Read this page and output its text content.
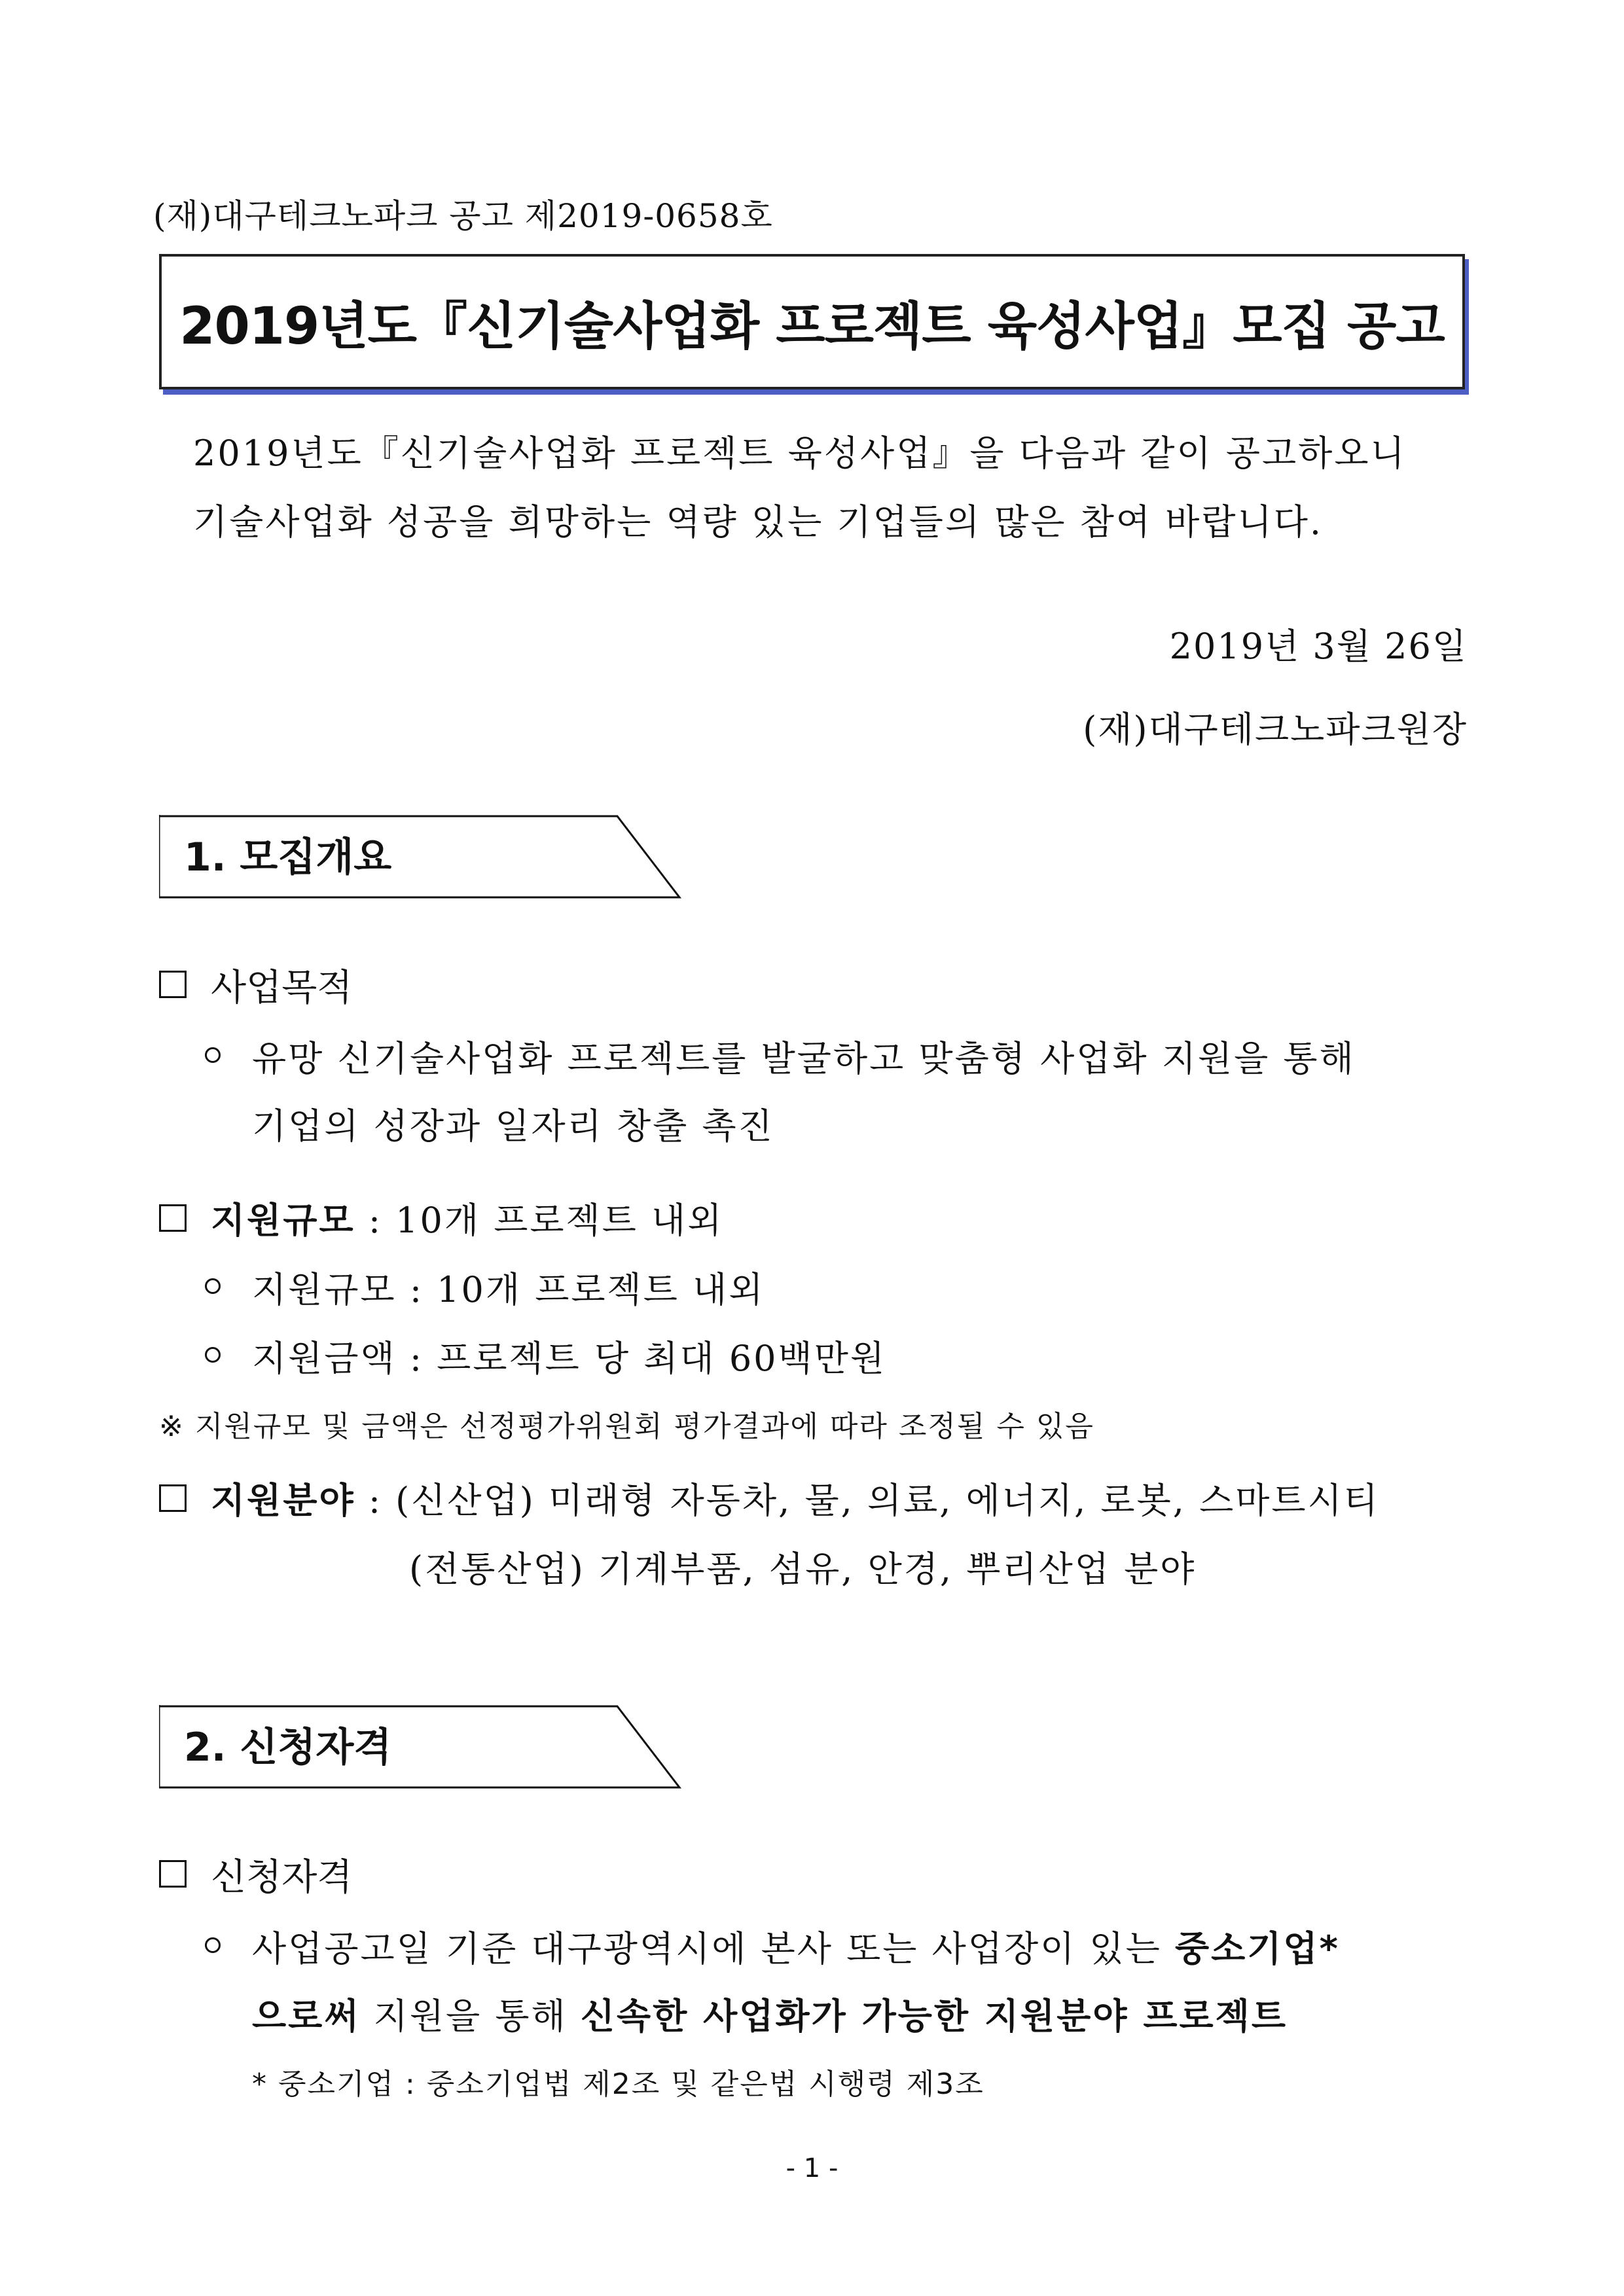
(재)대구테크노파크 공고 제2019-0658호
2019년도『신기술사업화 프로젝트 육성사업』모집 공고
2019년도『신기술사업화 프로젝트 육성사업』을 다음과 같이 공고하오니
기술사업화 성공을 희망하는 역량 있는 기업들의 많은 참여 바랍니다.
2019년 3월 26일
(재)대구테크노파크원장
1. 모집개요
사업목적
유망 신기술사업화 프로젝트를 발굴하고 맞춤형 사업화 지원을 통해
기업의 성장과 일자리 창출 촉진
지원규모 : 10개 프로젝트 내외
지원규모 : 10개 프로젝트 내외
지원금액 : 프로젝트 당 최대 60백만원
※ 지원규모 및 금액은 선정평가위원회 평가결과에 따라 조정될 수 있음
지원분야 : (신산업) 미래형 자동차, 물, 의료, 에너지, 로봇, 스마트시티
(전통산업) 기계부품, 섬유, 안경, 뿌리산업 분야
2. 신청자격
신청자격
사업공고일 기준 대구광역시에 본사 또는 사업장이 있는 중소기업*
으로써 지원을 통해 신속한 사업화가 가능한 지원분야 프로젝트
* 중소기업 : 중소기업법 제2조 및 같은법 시행령 제3조
- 1 -
